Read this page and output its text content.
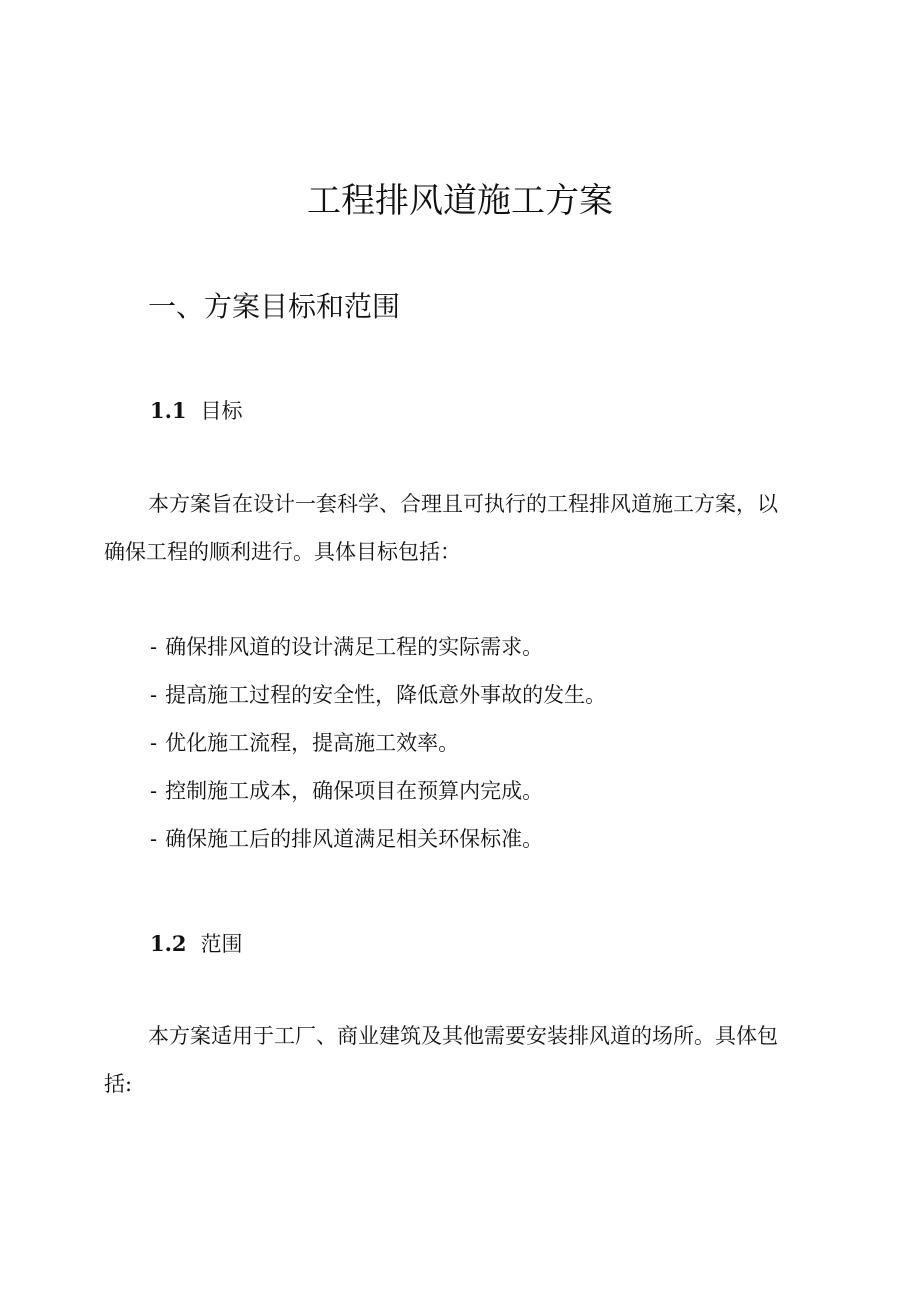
工程排风道施工方案
一、方案目标和范围
1.1 目标
本方案旨在设计一套科学、合理且可执行的工程排风道施工方案，以确保工程的顺利进行。具体目标包括：
- 确保排风道的设计满足工程的实际需求。
- 提高施工过程的安全性，降低意外事故的发生。
- 优化施工流程，提高施工效率。
- 控制施工成本，确保项目在预算内完成。
- 确保施工后的排风道满足相关环保标准。
1.2 范围
本方案适用于工厂、商业建筑及其他需要安装排风道的场所。具体包括:
